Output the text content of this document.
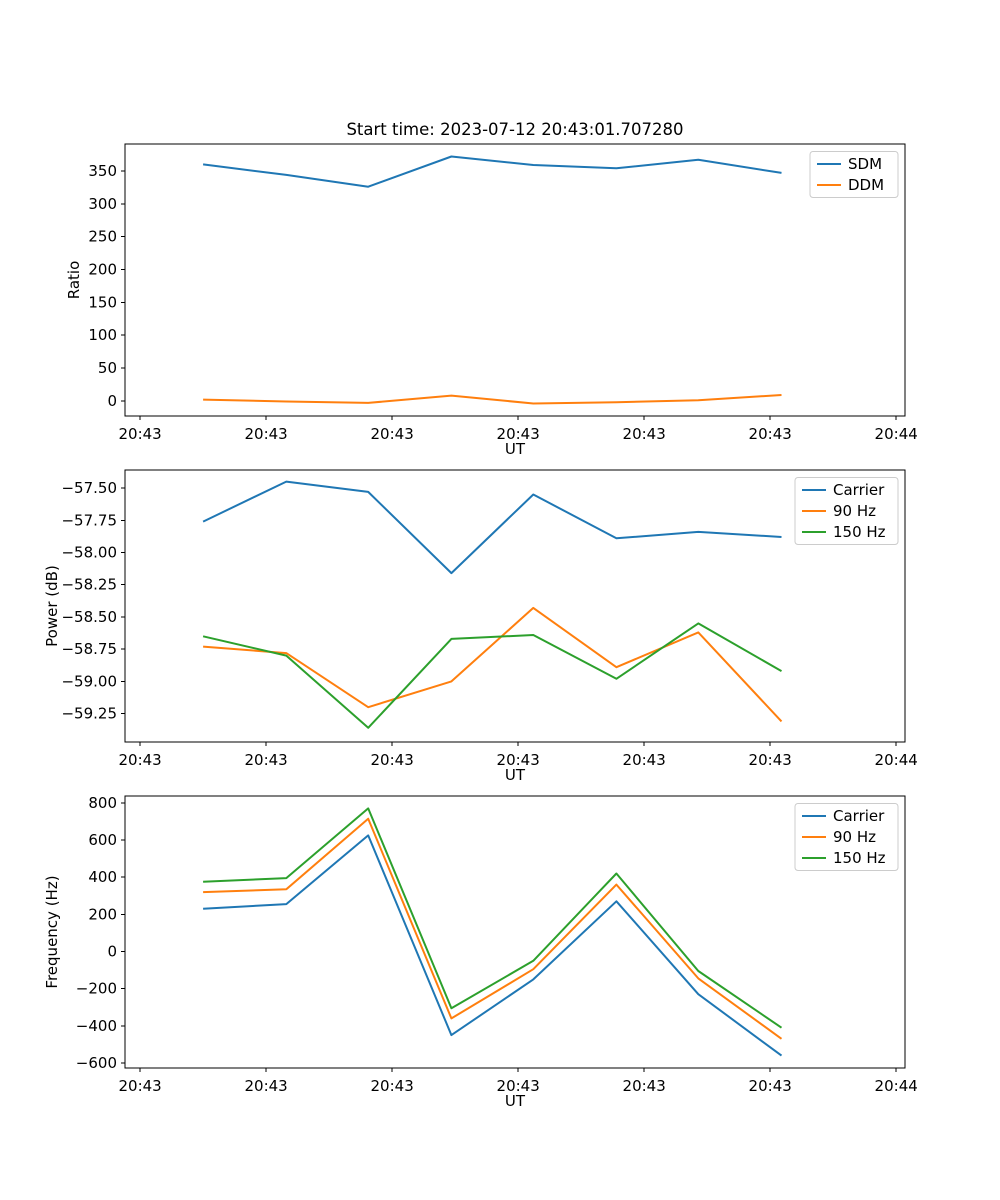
Start time: 2023-07-12 20:43:01.707280
20:43	20:43	20:43	20:43	20:43	20:43	20:44
0
50
100
150
200
250
300
350
UT
Ratio
SDM
DDM
20:43	20:43	20:43	20:43	20:43	20:43	20:44
−59.25
−59.00
−58.75
−58.50
−58.25
−58.00
−57.75
−57.50
UT
Power (dB)
Carrier
90 Hz
150 Hz
20:43	20:43	20:43	20:43	20:43	20:43	20:44
−600
−400
−200
0
200
400
600
800
UT
Frequency (Hz)
Carrier
90 Hz
150 Hz
